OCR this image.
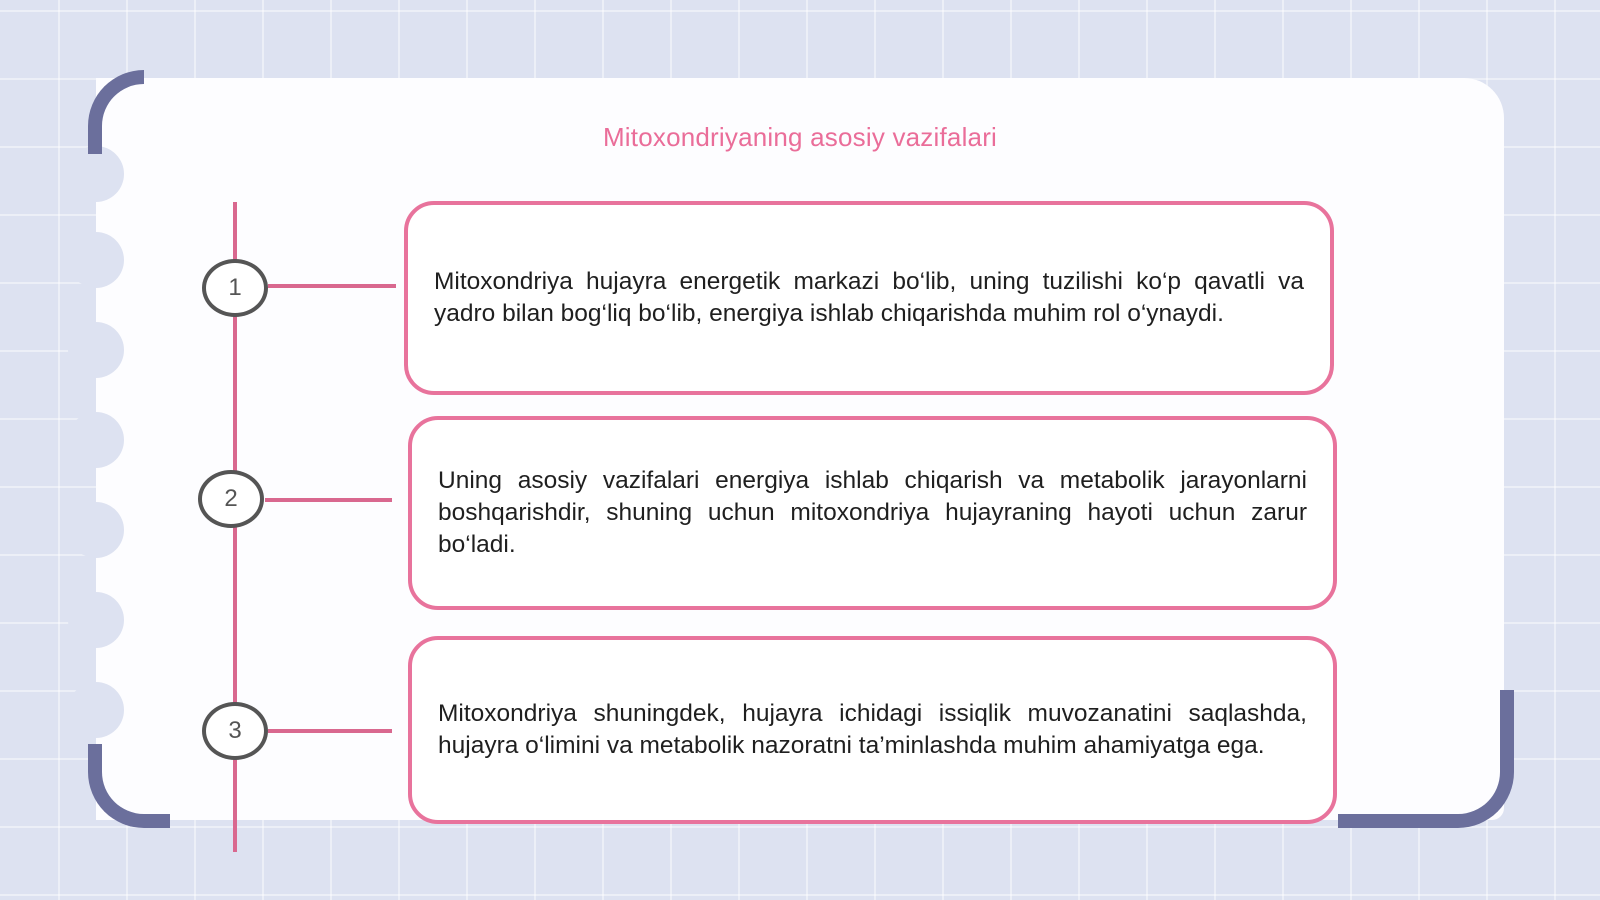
Mitoxondriyaning asosiy vazifalari
1	Mitoxondriya hujayra energetik markazi bo‘lib, uning tuzilishi ko‘p qavatli va yadro bilan bog‘liq bo‘lib, energiya ishlab chiqarishda muhim rol o‘ynaydi.
2
Uning asosiy vazifalari energiya ishlab chiqarish va metabolik jarayonlarni boshqarishdir, shuning uchun mitoxondriya hujayraning hayoti uchun zarur bo‘ladi.
3
Mitoxondriya shuningdek, hujayra ichidagi issiqlik muvozanatini saqlashda, hujayra o‘limini va metabolik nazoratni ta’minlashda muhim ahamiyatga ega.
